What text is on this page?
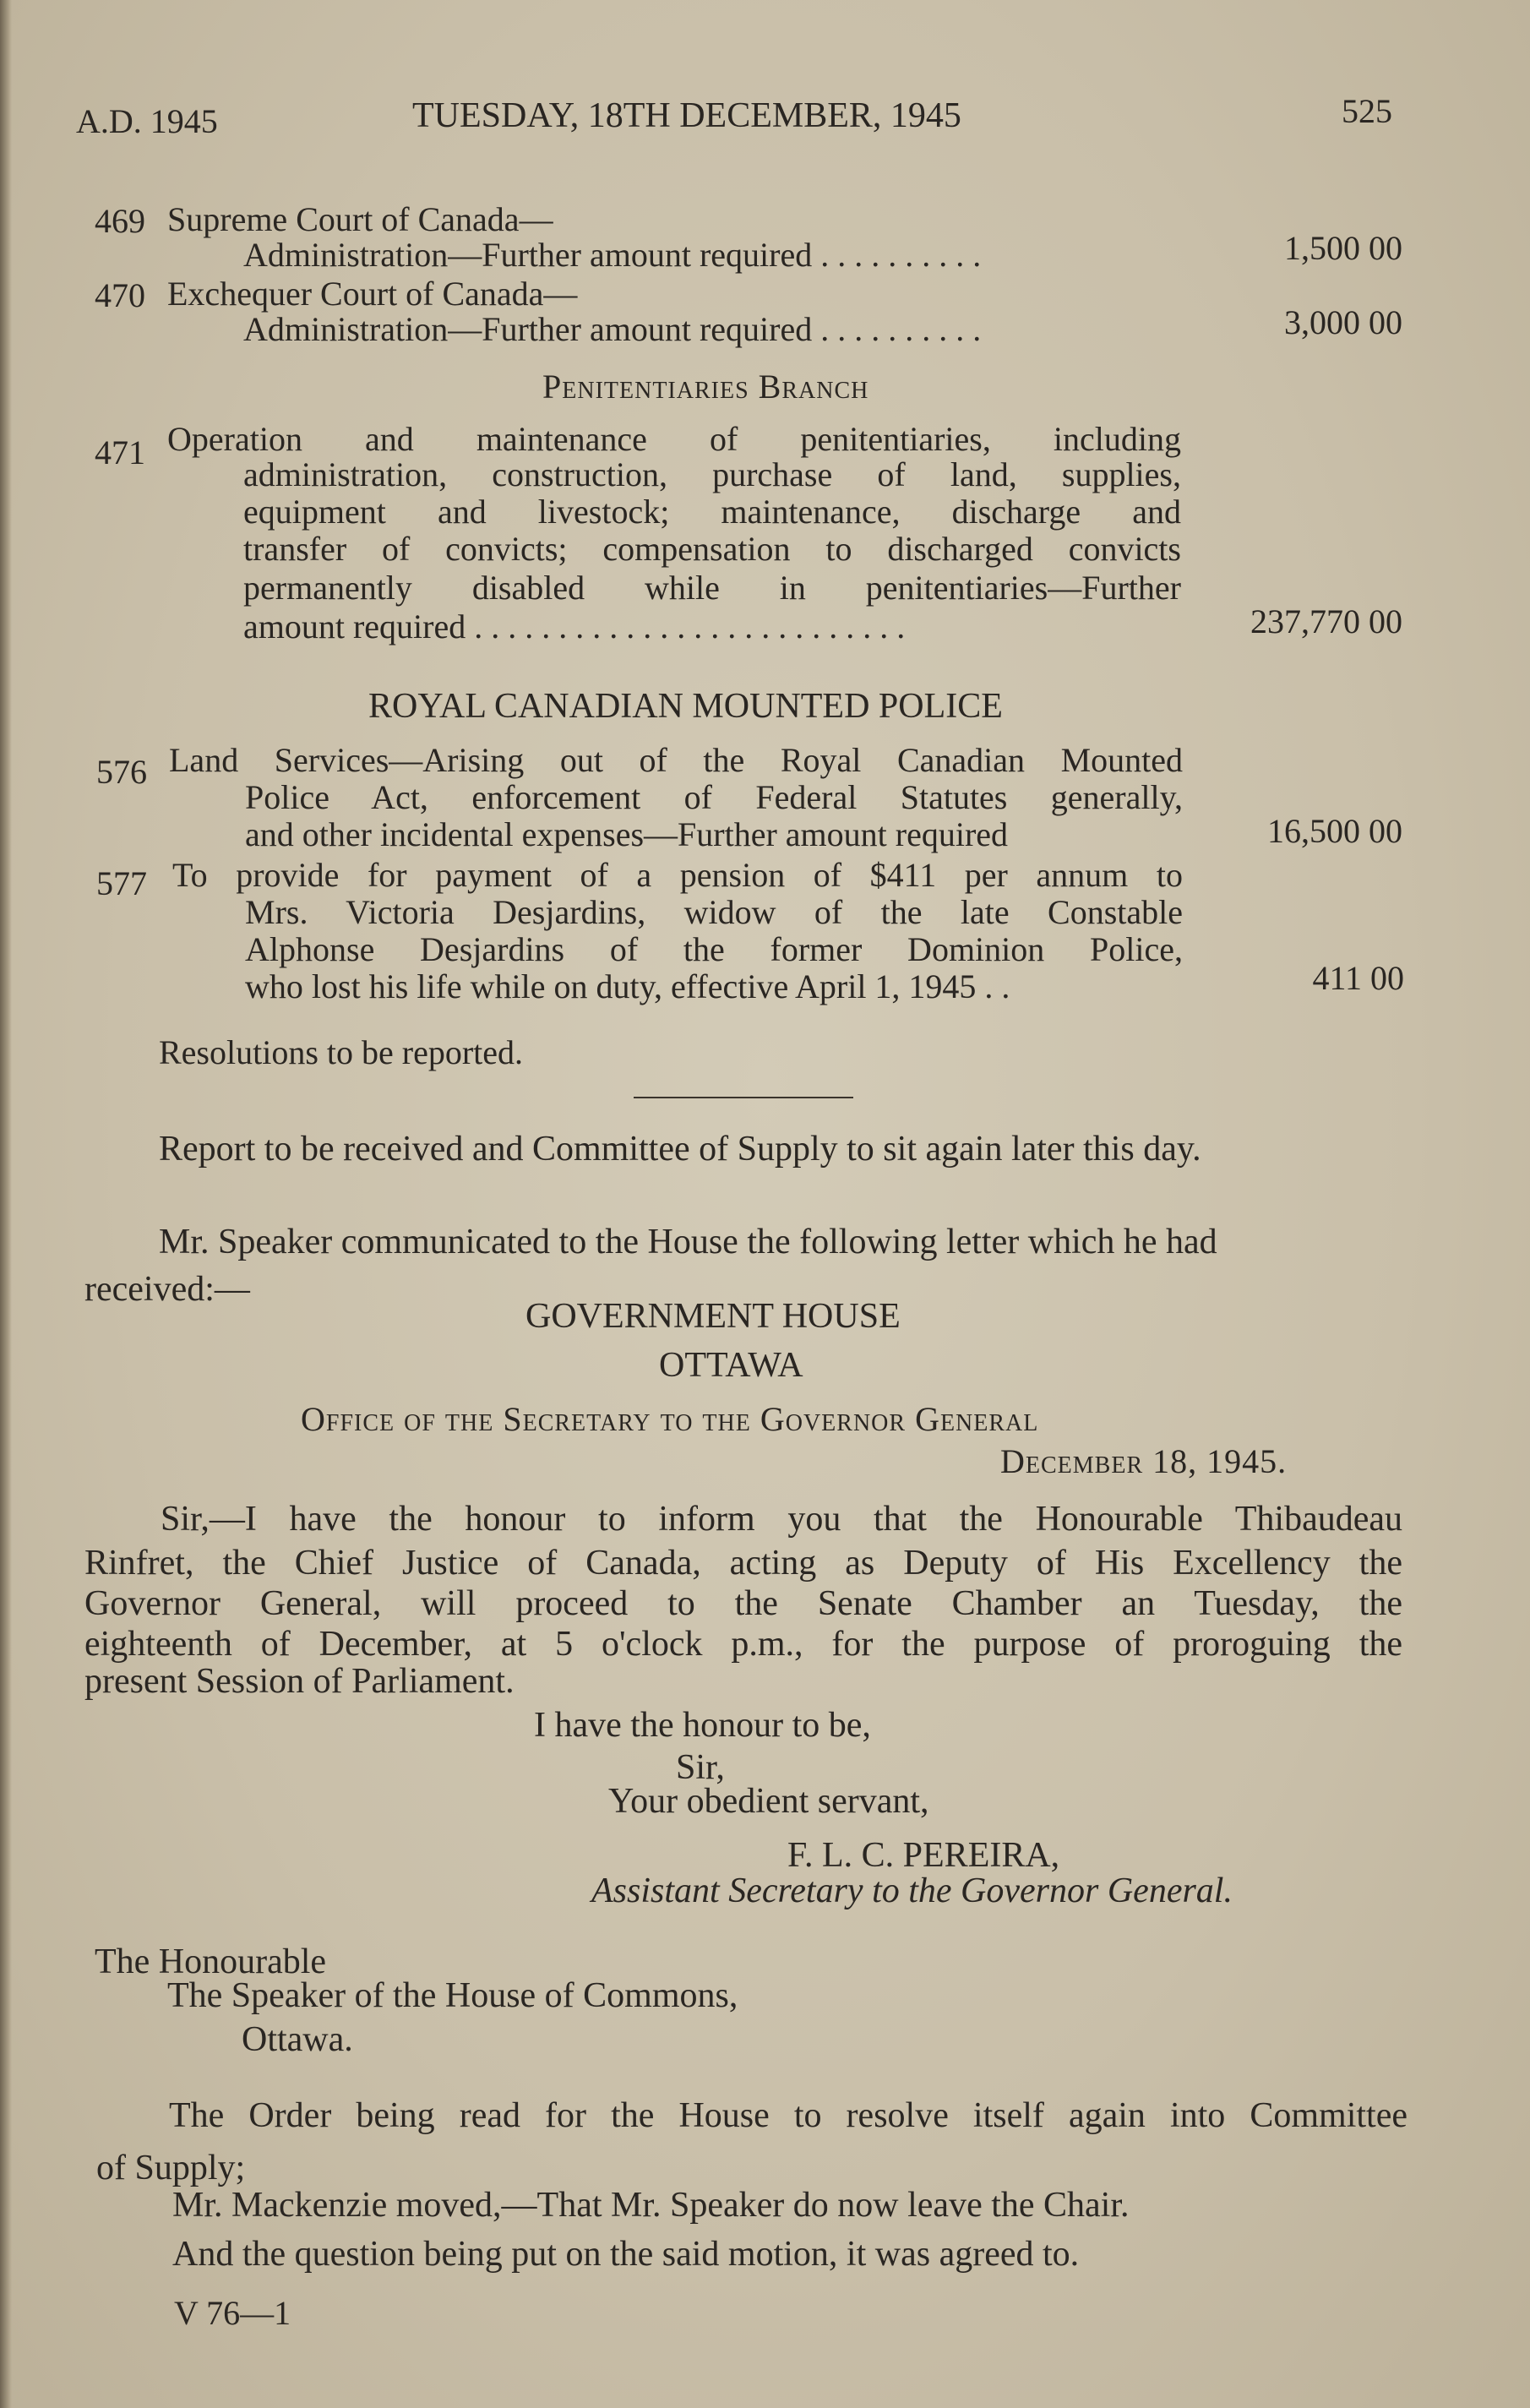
A.D. 1945	TUESDAY, 18TH DECEMBER, 1945	525
469 Supreme Court of Canada—
Administration—Further amount required . . . . . . . . . .	1,500 00
470 Exchequer Court of Canada—
Administration—Further amount required . . . . . . . . . .	3,000 00
Penitentiaries Branch
471 Operation and maintenance of penitentiaries, including
administration, construction, purchase of land, supplies,
equipment and livestock; maintenance, discharge and
transfer of convicts; compensation to discharged convicts
permanently disabled while in penitentiaries—Further
amount required . . . . . . . . . . . . . . . . . . . . . . . . . .	237,770 00
ROYAL CANADIAN MOUNTED POLICE
576 Land Services—Arising out of the Royal Canadian Mounted
Police Act, enforcement of Federal Statutes generally,
and other incidental expenses—Further amount required	16,500 00
577 To provide for payment of a pension of $411 per annum to
Mrs. Victoria Desjardins, widow of the late Constable
Alphonse Desjardins of the former Dominion Police,
who lost his life while on duty, effective April 1, 1945 . .	411 00
Resolutions to be reported.
Report to be received and Committee of Supply to sit again later this day.
Mr. Speaker communicated to the House the following letter which he had
received:—
GOVERNMENT HOUSE
OTTAWA
Office of the Secretary to the Governor General
December 18, 1945.
Sir,—I have the honour to inform you that the Honourable Thibaudeau
Rinfret, the Chief Justice of Canada, acting as Deputy of His Excellency the
Governor General, will proceed to the Senate Chamber an Tuesday, the
eighteenth of December, at 5 o'clock p.m., for the purpose of proroguing the
present Session of Parliament.
I have the honour to be,
Sir,
Your obedient servant,
F. L. C. PEREIRA,
Assistant Secretary to the Governor General.
The Honourable
The Speaker of the House of Commons,
Ottawa.
The Order being read for the House to resolve itself again into Committee
of Supply;
Mr. Mackenzie moved,—That Mr. Speaker do now leave the Chair.
And the question being put on the said motion, it was agreed to.
V 76—1
